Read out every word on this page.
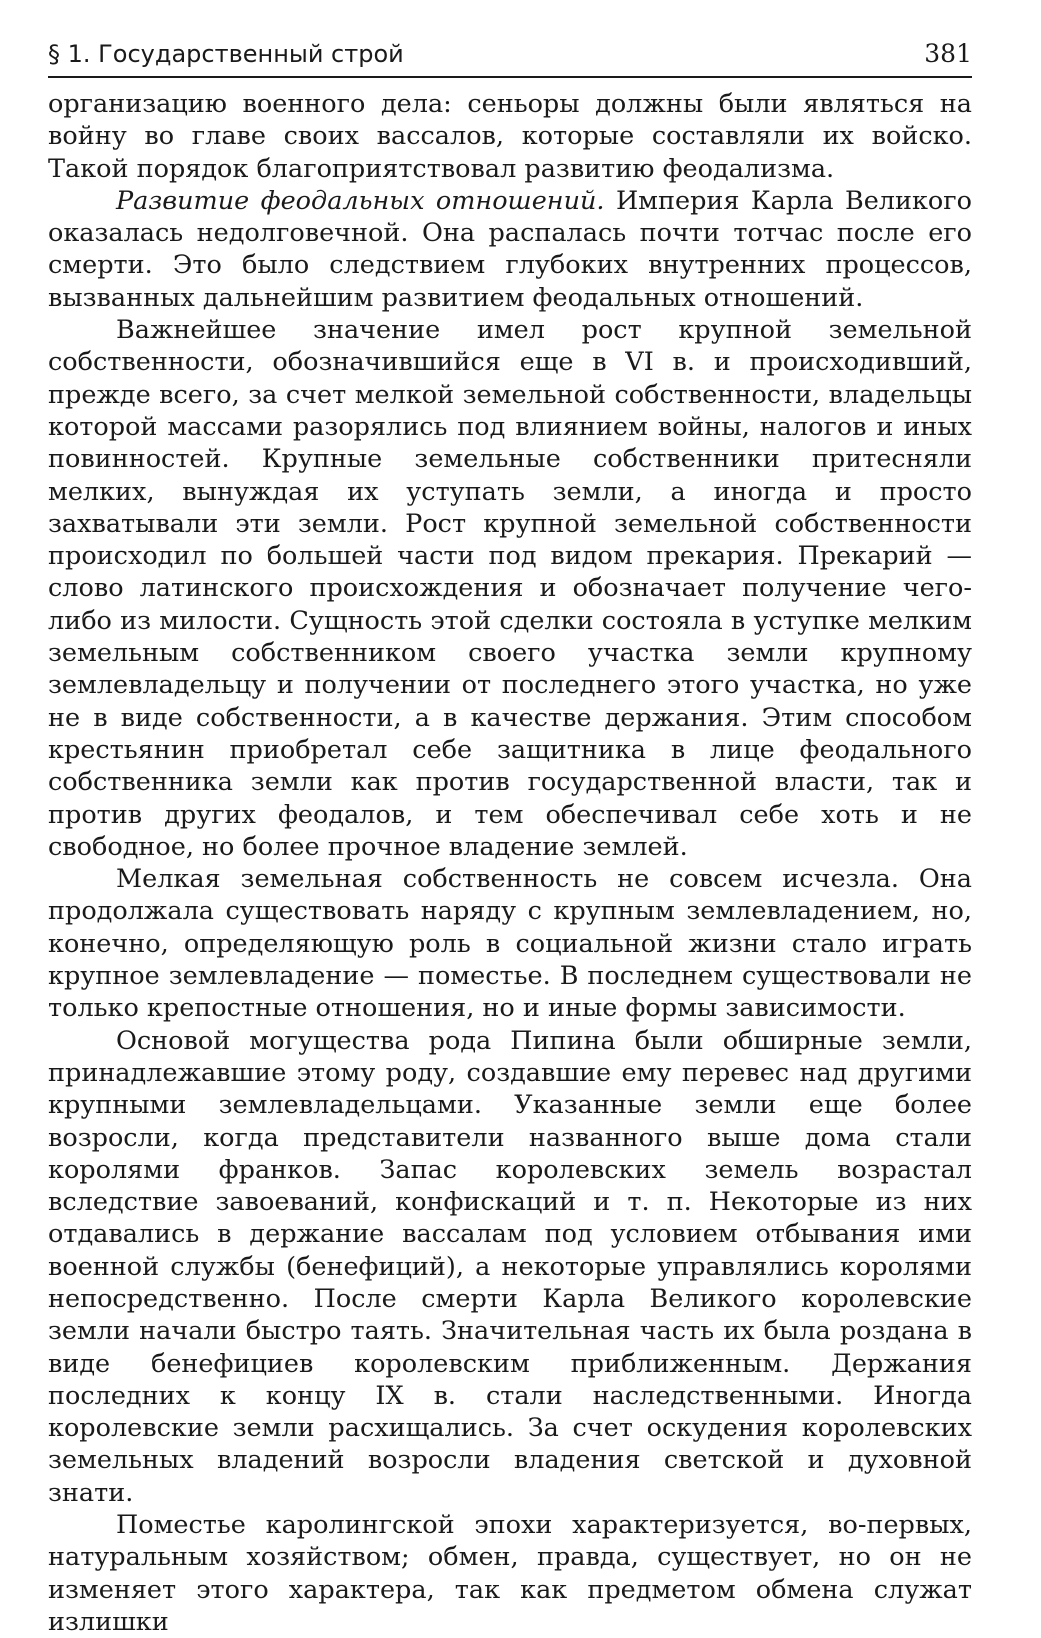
§ 1. Государственный строй	381

организацию военного дела: сеньоры должны были являться на войну во главе своих вассалов, которые составляли их войско. Такой порядок благоприятствовал развитию феодализма.

Развитие феодальных отношений. Империя Карла Великого оказалась недолговечной. Она распалась почти тотчас после его смерти. Это было следствием глубоких внутренних процессов, вызванных дальнейшим развитием феодальных отношений.

Важнейшее значение имел рост крупной земельной собственности, обозначившийся еще в VI в. и происходивший, прежде всего, за счет мелкой земельной собственности, владельцы которой массами разорялись под влиянием войны, налогов и иных повинностей. Крупные земельные собственники притесняли мелких, вынуждая их уступать земли, а иногда и просто захватывали эти земли. Рост крупной земельной собственности происходил по большей части под видом прекария. Прекарий — слово латинского происхождения и обозначает получение чего-либо из милости. Сущность этой сделки состояла в уступке мелким земельным собственником своего участка земли крупному землевладельцу и получении от последнего этого участка, но уже не в виде собственности, а в качестве держания. Этим способом крестьянин приобретал себе защитника в лице феодального собственника земли как против государственной власти, так и против других феодалов, и тем обеспечивал себе хоть и не свободное, но более прочное владение землей.

Мелкая земельная собственность не совсем исчезла. Она продолжала существовать наряду с крупным землевладением, но, конечно, определяющую роль в социальной жизни стало играть крупное землевладение — поместье. В последнем существовали не только крепостные отношения, но и иные формы зависимости.

Основой могущества рода Пипина были обширные земли, принадлежавшие этому роду, создавшие ему перевес над другими крупными землевладельцами. Указанные земли еще более возросли, когда представители названного выше дома стали королями франков. Запас королевских земель возрастал вследствие завоеваний, конфискаций и т. п. Некоторые из них отдавались в держание вассалам под условием отбывания ими военной службы (бенефиций), а некоторые управлялись королями непосредственно. После смерти Карла Великого королевские земли начали быстро таять. Значительная часть их была роздана в виде бенефициев королевским приближенным. Держания последних к концу IX в. стали наследственными. Иногда королевские земли расхищались. За счет оскудения королевских земельных владений возросли владения светской и духовной знати.

Поместье каролингской эпохи характеризуется, во-первых, натуральным хозяйством; обмен, правда, существует, но он не изменяет этого характера, так как предметом обмена служат излишки
